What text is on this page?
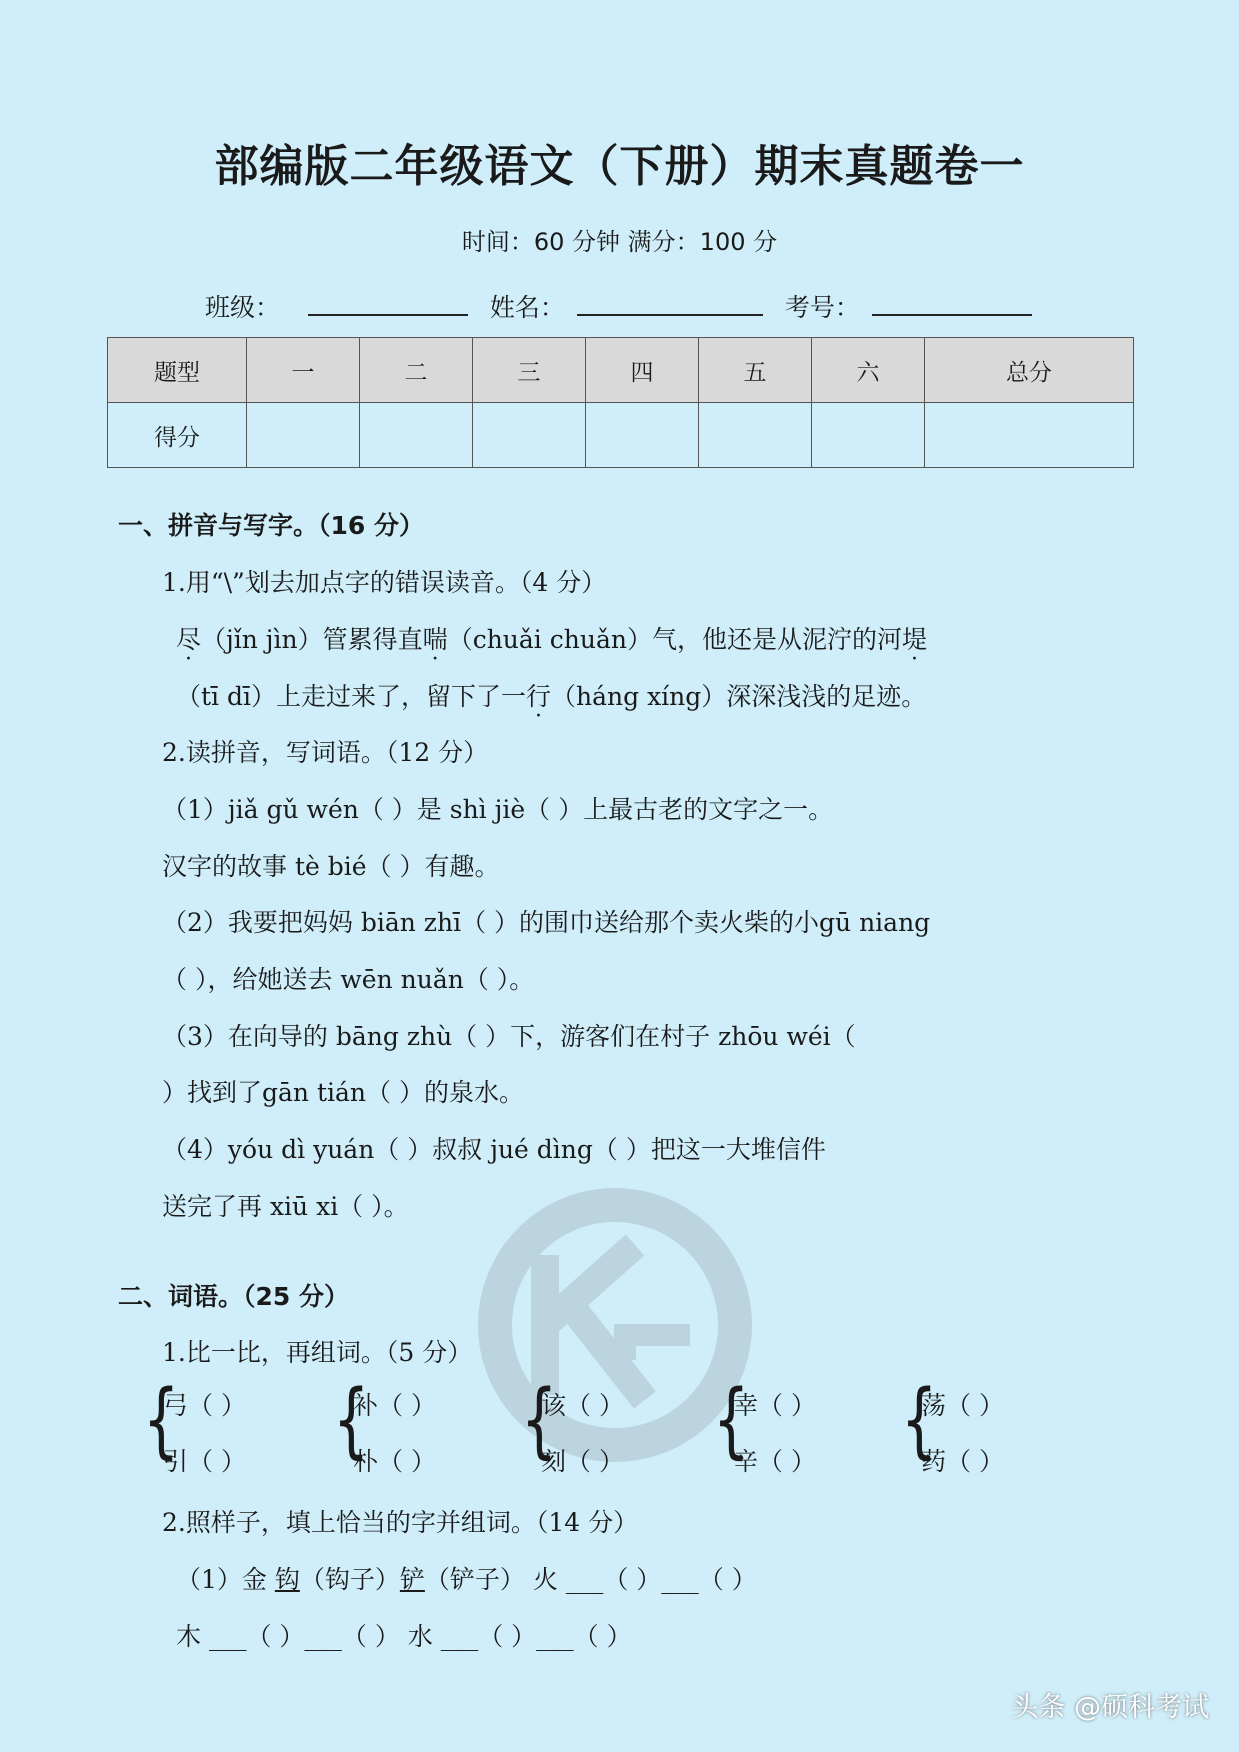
部编版二年级语文（下册）期末真题卷一
时间：60 分钟 满分：100 分
班级：	姓名：	考号：
题型	一	二	三	四	五	六	总分
得分							
一、拼音与写字。（16 分）
1.用“\”划去加点字的错误读音。（4 分）
尽（jǐn jìn）管累得直喘（chuǎi chuǎn）气，他还是从泥泞的河堤
（tī dī）上走过来了，留下了一行（háng xíng）深深浅浅的足迹。
2.读拼音，写词语。（12 分）
（1）jiǎ gǔ wén（ ）是 shì jiè（ ）上最古老的文字之一。
汉字的故事 tè bié（ ）有趣。
（2）我要把妈妈 biān zhī（ ）的围巾送给那个卖火柴的小gū niang
（ ），给她送去 wēn nuǎn（ ）。
（3）在向导的 bāng zhù（ ）下，游客们在村子 zhōu wéi（
）找到了gān tián（ ）的泉水。
（4）yóu dì yuán（ ）叔叔 jué dìng（ ）把这一大堆信件
送完了再 xiū xi（ ）。
二、词语。（25 分）
1.比一比，再组词。（5 分）
{
弓（ ）
引（ ） {
补（ ）
朴（ ） {
该（ ）
刻（ ） {
幸（ ）
辛（ ） {
荡（ ）
药（ ）
2.照样子，填上恰当的字并组词。（14 分）
（1）金 钩（钩子）铲（铲子） 火 ___（ ）___（ ）
木 ___（ ）___（ ） 水 ___（ ）___（ ）
头条 @硕科考试
